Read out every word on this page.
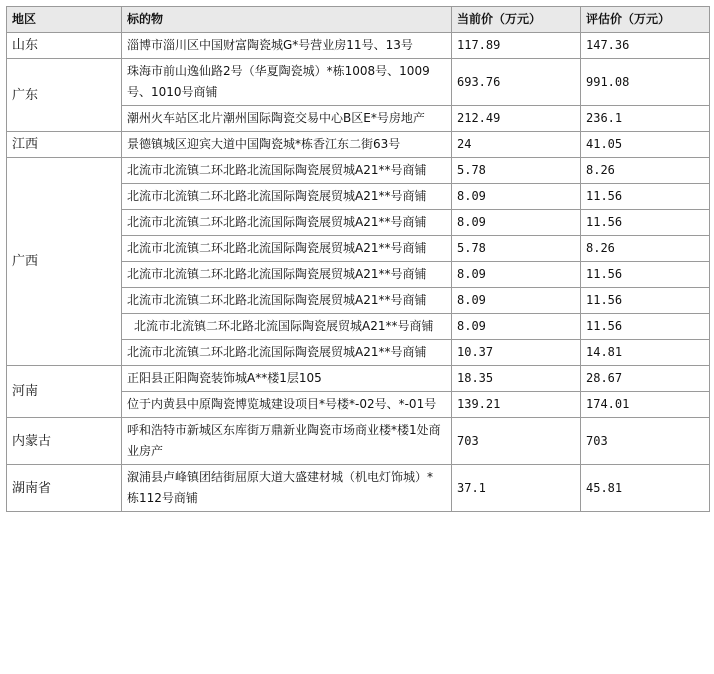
地区	标的物	当前价（万元）	评估价（万元）
山东	淄博市淄川区中国财富陶瓷城G*号营业房11号、13号	117.89	147.36
广东	珠海市前山逸仙路2号（华夏陶瓷城）*栋1008号、1009号、1010号商铺	693.76	991.08
	潮州火车站区北片潮州国际陶瓷交易中心B区E*号房地产	212.49	236.1
江西	景德镇城区迎宾大道中国陶瓷城*栋香江东二街63号	24	41.05
广西	北流市北流镇二环北路北流国际陶瓷展贸城A21**号商铺	5.78	8.26
	北流市北流镇二环北路北流国际陶瓷展贸城A21**号商铺	8.09	11.56
	北流市北流镇二环北路北流国际陶瓷展贸城A21**号商铺	8.09	11.56
	北流市北流镇二环北路北流国际陶瓷展贸城A21**号商铺	5.78	8.26
	北流市北流镇二环北路北流国际陶瓷展贸城A21**号商铺	8.09	11.56
	北流市北流镇二环北路北流国际陶瓷展贸城A21**号商铺	8.09	11.56
	北流市北流镇二环北路北流国际陶瓷展贸城A21**号商铺	8.09	11.56
	北流市北流镇二环北路北流国际陶瓷展贸城A21**号商铺	10.37	14.81
河南	正阳县正阳陶瓷装饰城A**楼1层105	18.35	28.67
	位于内黄县中原陶瓷博览城建设项目*号楼*-02号、*-01号	139.21	174.01
内蒙古	呼和浩特市新城区东库街万鼎新业陶瓷市场商业楼*楼1处商业房产	703	703
湖南省	溆浦县卢峰镇团结街屈原大道大盛建材城（机电灯饰城）* 栋112号商铺	37.1	45.81
